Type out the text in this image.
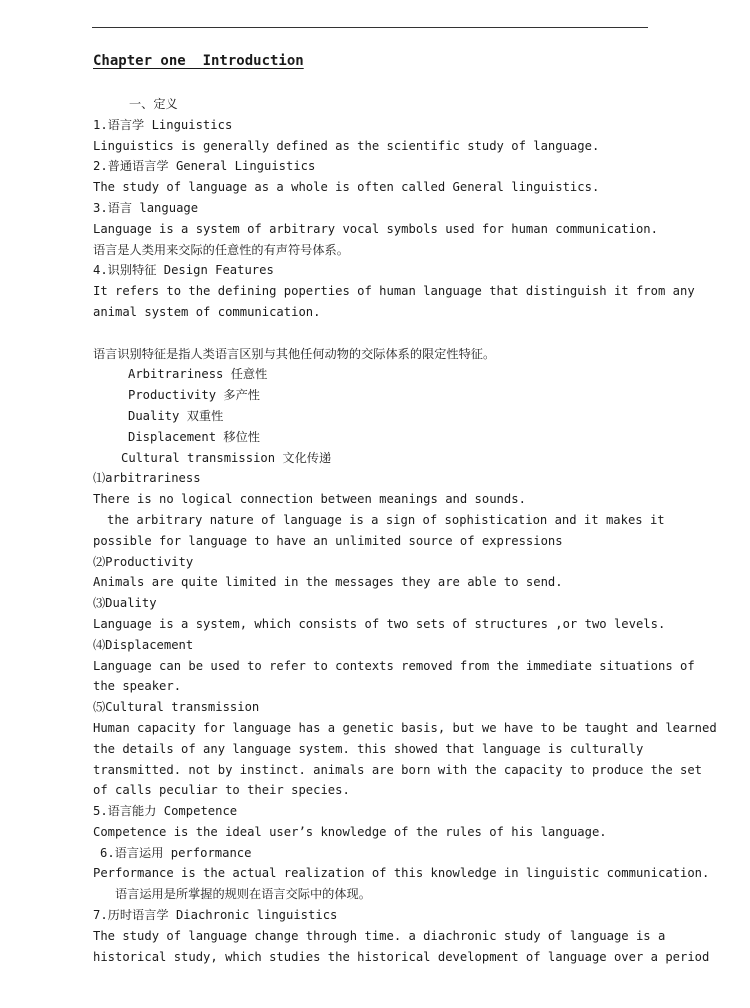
Chapter one  Introduction
一、定义
1.语言学 Linguistics
Linguistics is generally defined as the scientific study of language.
2.普通语言学 General Linguistics
The study of language as a whole is often called General linguistics.
3.语言 language
Language is a system of arbitrary vocal symbols used for human communication.
语言是人类用来交际的任意性的有声符号体系。
4.识别特征 Design Features
It refers to the defining poperties of human language that distinguish it from any
animal system of communication.
语言识别特征是指人类语言区别与其他任何动物的交际体系的限定性特征。
Arbitrariness 任意性
Productivity 多产性
Duality 双重性
Displacement 移位性
Cultural transmission 文化传递
⑴arbitrariness
There is no logical connection between meanings and sounds.
the arbitrary nature of language is a sign of sophistication and it makes it
possible for language to have an unlimited source of expressions
⑵Productivity
Animals are quite limited in the messages they are able to send.
⑶Duality
Language is a system, which consists of two sets of structures ,or two levels.
⑷Displacement
Language can be used to refer to contexts removed from the immediate situations of
the speaker.
⑸Cultural transmission
Human capacity for language has a genetic basis, but we have to be taught and learned
the details of any language system. this showed that language is culturally
transmitted. not by instinct. animals are born with the capacity to produce the set
of calls peculiar to their species.
5.语言能力 Competence
Competence is the ideal user’s knowledge of the rules of his language.
6.语言运用 performance
Performance is the actual realization of this knowledge in linguistic communication.
语言运用是所掌握的规则在语言交际中的体现。
7.历时语言学 Diachronic linguistics
The study of language change through time. a diachronic study of language is a
historical study, which studies the historical development of language over a period
